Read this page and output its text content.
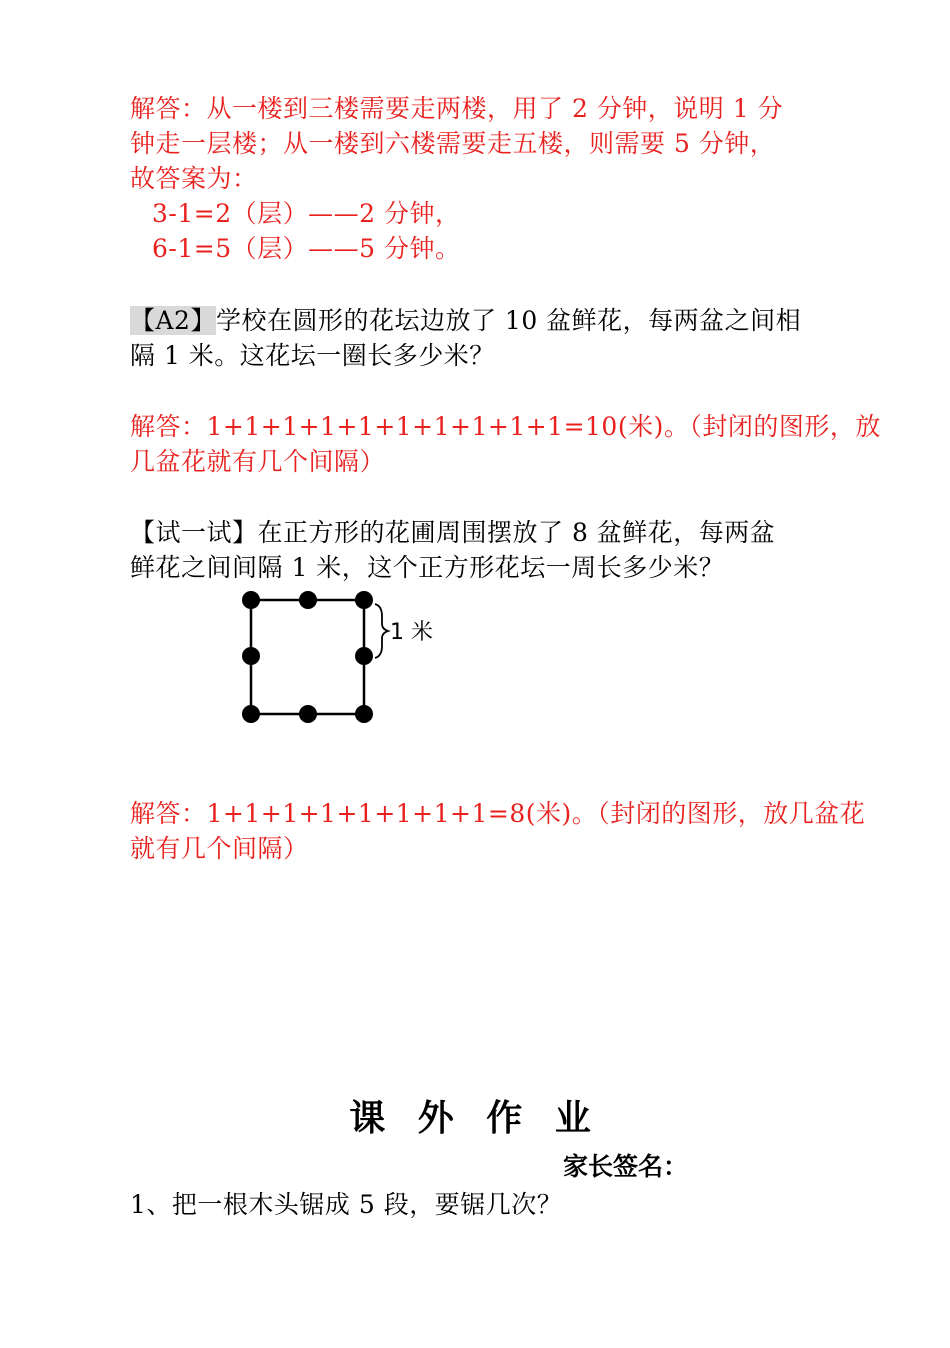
解答：从一楼到三楼需要走两楼，用了 2 分钟，说明 1 分
钟走一层楼；从一楼到六楼需要走五楼，则需要 5 分钟，
故答案为：
3-1=2（层）——2 分钟，
6-1=5（层）——5 分钟。
【A2】学校在圆形的花坛边放了 10 盆鲜花，每两盆之间相
隔 1 米。这花坛一圈长多少米？
解答：1+1+1+1+1+1+1+1+1+1=10(米)。（封闭的图形，放
几盆花就有几个间隔）
【试一试】在正方形的花圃周围摆放了 8 盆鲜花，每两盆
鲜花之间间隔 1 米，这个正方形花坛一周长多少米？
1 米
解答：1+1+1+1+1+1+1+1=8(米)。（封闭的图形，放几盆花
就有几个间隔）
课 外 作 业
家长签名：
1、把一根木头锯成 5 段，要锯几次？
